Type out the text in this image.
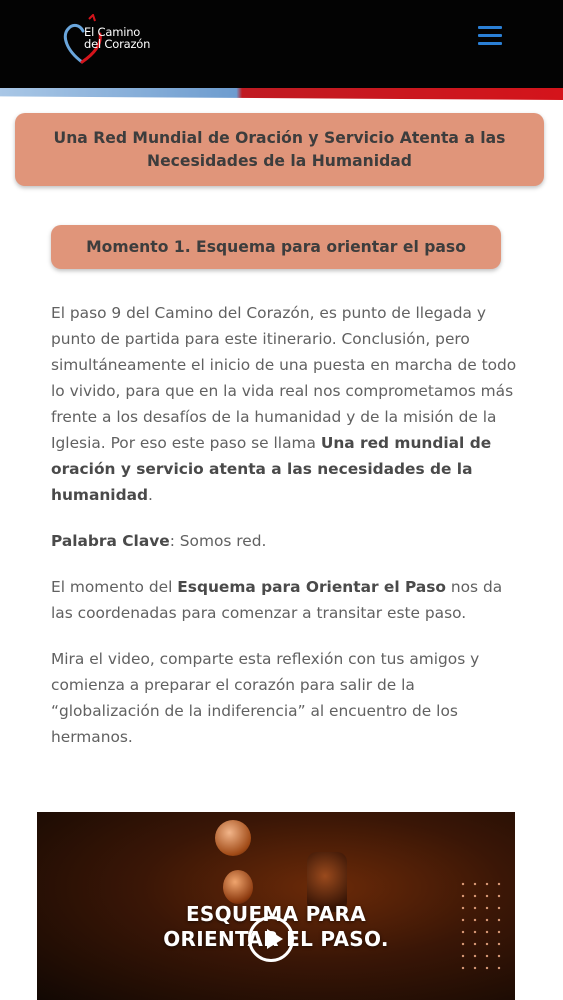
El Camino
del Corazón
Una Red Mundial de Oración y Servicio Atenta a las Necesidades de la Humanidad
Momento 1. Esquema para orientar el paso

El paso 9 del Camino del Corazón, es punto de llegada y punto de partida para este itinerario. Conclusión, pero simultáneamente el inicio de una puesta en marcha de todo lo vivido, para que en la vida real nos comprometamos más frente a los desafíos de la humanidad y de la misión de la Iglesia. Por eso este paso se llama Una red mundial de oración y servicio atenta a las necesidades de la humanidad.

Palabra Clave: Somos red.

El momento del Esquema para Orientar el Paso nos da las coordenadas para comenzar a transitar este paso.

Mira el video, comparte esta reflexión con tus amigos y comienza a preparar el corazón para salir de la “globalización de la indiferencia” al encuentro de los hermanos.

ESQUEMA PARA
ORIENTAR EL PASO.
